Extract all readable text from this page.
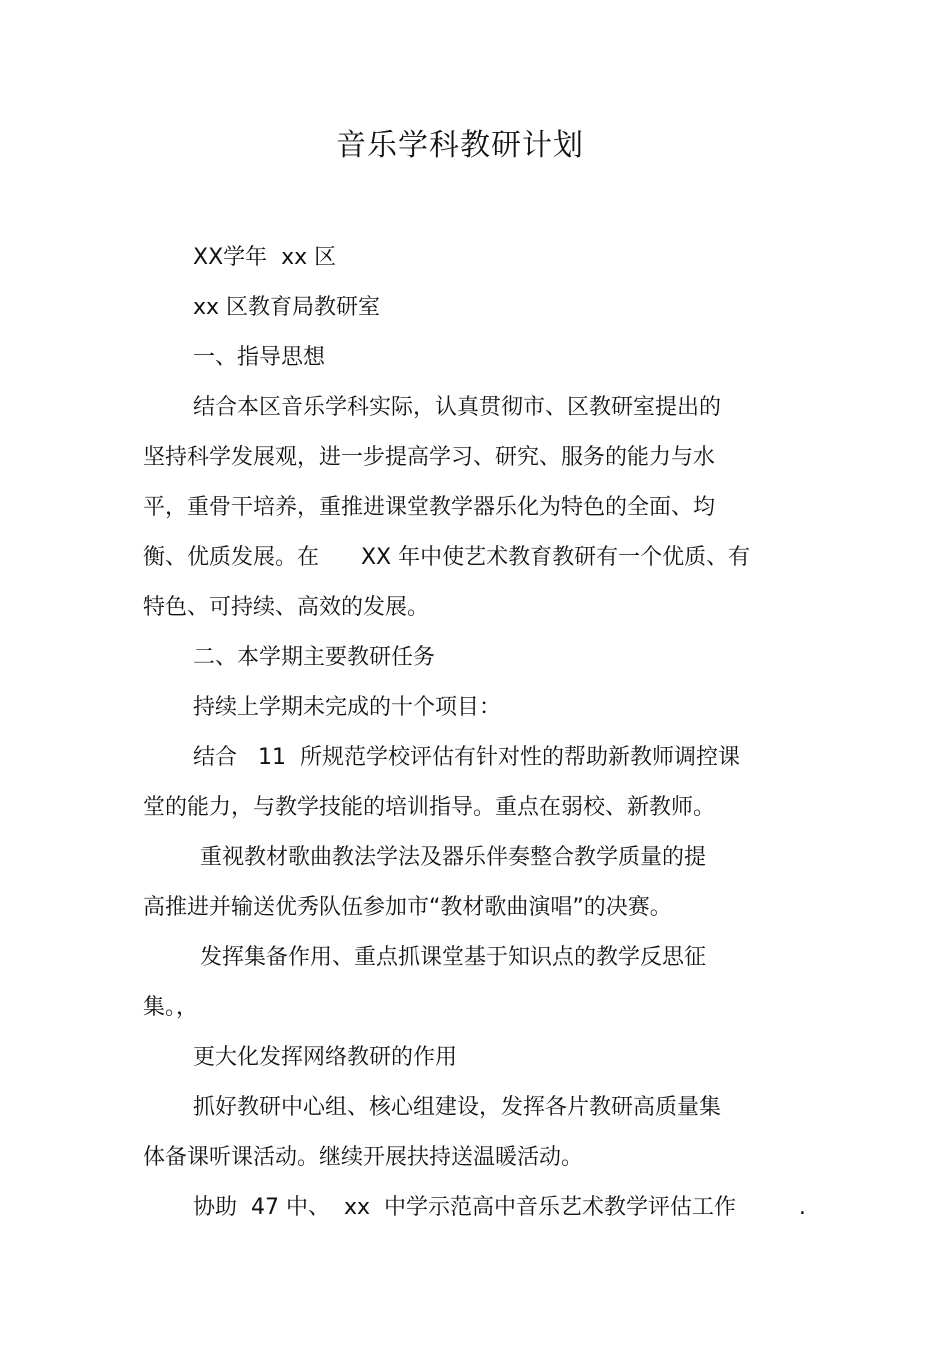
音乐学科教研计划
XX学年  xx 区
xx 区教育局教研室
一、指导思想
结合本区音乐学科实际，认真贯彻市、区教研室提出的
坚持科学发展观，进一步提高学习、研究、服务的能力与水
平，重骨干培养，重推进课堂教学器乐化为特色的全面、均
衡、优质发展。在      XX 年中使艺术教育教研有一个优质、有
特色、可持续、高效的发展。
二、本学期主要教研任务
持续上学期未完成的十个项目：
结合   11  所规范学校评估有针对性的帮助新教师调控课
堂的能力，与教学技能的培训指导。重点在弱校、新教师。
重视教材歌曲教法学法及器乐伴奏整合教学质量的提
高推进并输送优秀队伍参加市“教材歌曲演唱”的决赛。
发挥集备作用、重点抓课堂基于知识点的教学反思征
集。，
更大化发挥网络教研的作用
抓好教研中心组、核心组建设，发挥各片教研高质量集
体备课听课活动。继续开展扶持送温暖活动。
协助  47 中、  xx  中学示范高中音乐艺术教学评估工作         .
